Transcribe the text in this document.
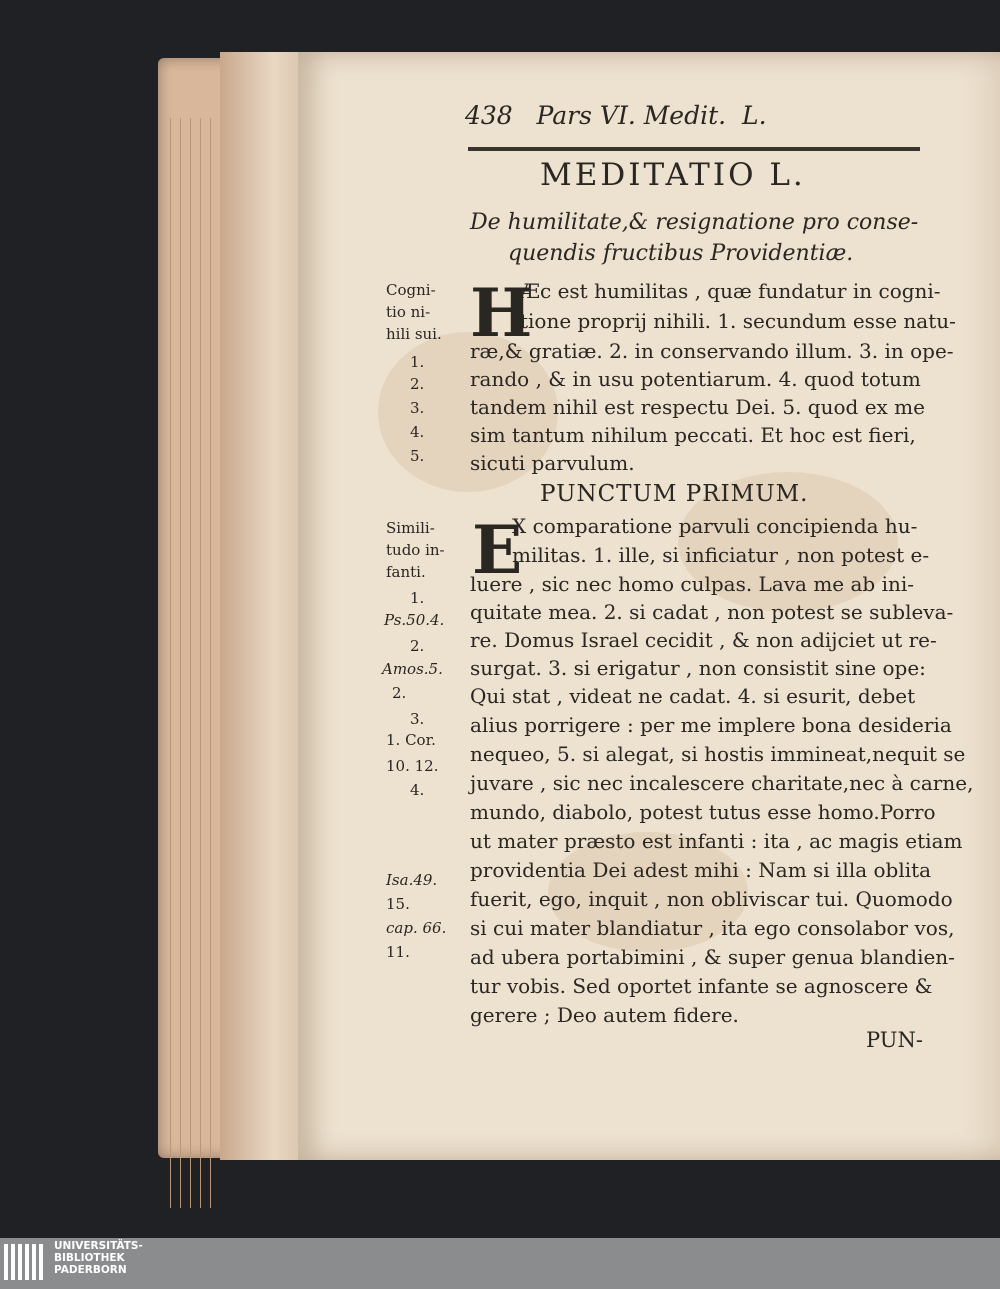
438   Pars VI. Medit.  L.
MEDITATIO L.
De humilitate,& resignatione pro conse-
quendis fructibus Providentiæ.
H
Æc est humilitas , quæ fundatur in cogni-
tione proprij nihili. 1. secundum esse natu-
ræ,& gratiæ. 2. in conservando illum. 3. in ope-
rando , & in usu potentiarum. 4. quod totum
tandem nihil est respectu Dei. 5. quod ex me
sim tantum nihilum peccati. Et hoc est fieri,
sicuti parvulum.
PUNCTUM PRIMUM.
E
X comparatione parvuli concipienda hu-
militas. 1. ille, si inficiatur , non potest e-
luere , sic nec homo culpas. Lava me ab ini-
quitate mea. 2. si cadat , non potest se subleva-
re. Domus Israel cecidit , & non adijciet ut re-
surgat. 3. si erigatur , non consistit sine ope:
Qui stat , videat ne cadat. 4. si esurit, debet
alius porrigere : per me implere bona desideria
nequeo, 5. si alegat, si hostis immineat,nequit se
juvare , sic nec incalescere charitate,nec à carne,
mundo, diabolo, potest tutus esse homo.Porro
ut mater præsto est infanti : ita , ac magis etiam
providentia Dei adest mihi : Nam si illa oblita
fuerit, ego, inquit , non obliviscar tui. Quomodo
si cui mater blandiatur , ita ego consolabor vos,
ad ubera portabimini , & super genua blandien-
tur vobis. Sed oportet infante se agnoscere &
gerere ; Deo autem fidere.
PUN-
Cogni-
tio ni-
hili sui.
1.
2.
3.
4.
5.
Simili-
tudo in-
fanti.
1.
Ps.50.4.
2.
Amos.5.
2.
3.
1. Cor.
10. 12.
4.
Isa.49.
15.
cap. 66.
11.
UNIVERSITÄTS-
BIBLIOTHEK
PADERBORN
